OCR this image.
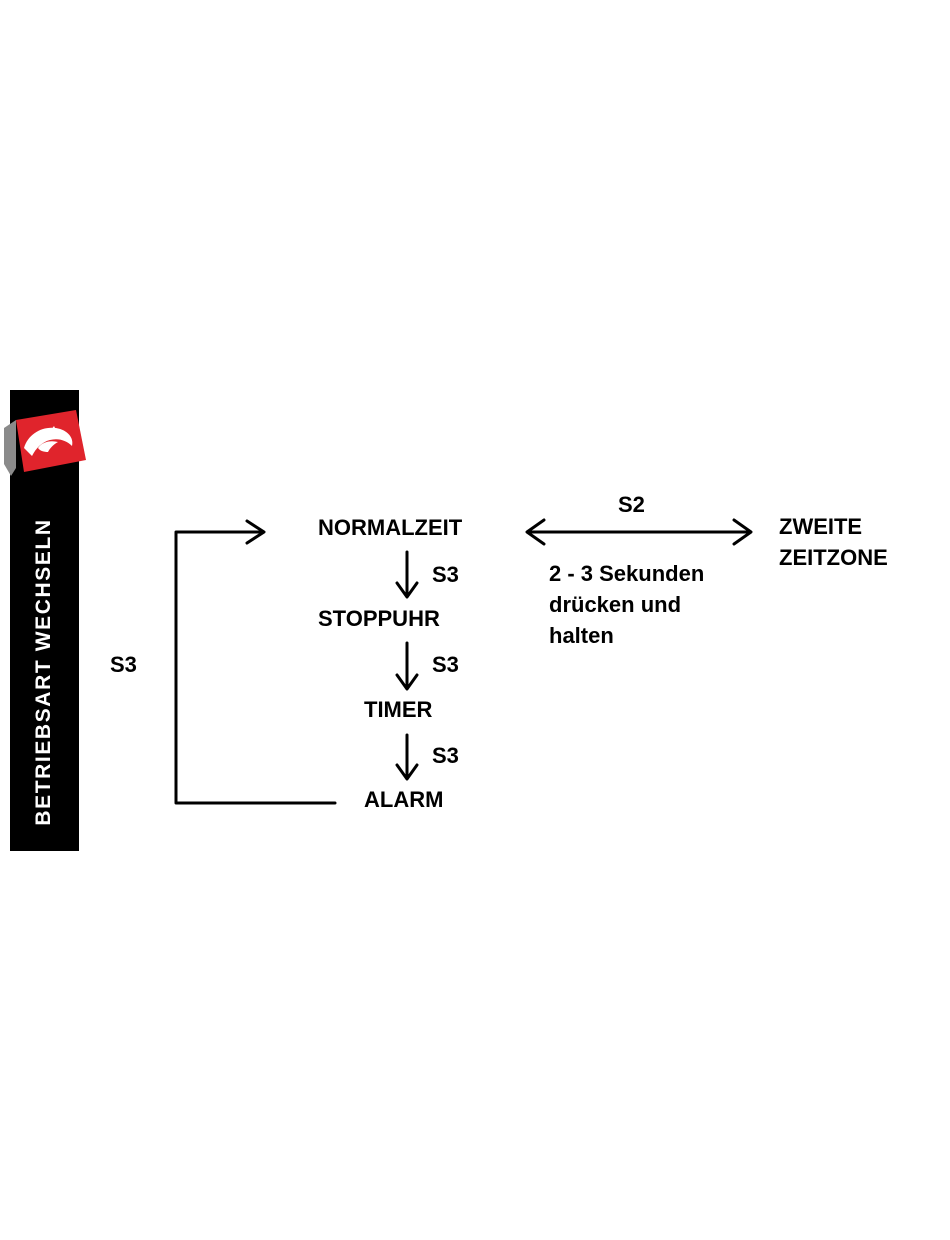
BETRIEBSART WECHSELN	NORMALZEIT
STOPPUHR
TIMER
ALARM
S3
S3
S3
S3
S2
ZWEITE
ZEITZONE
2 - 3 Sekunden
drücken und
halten
